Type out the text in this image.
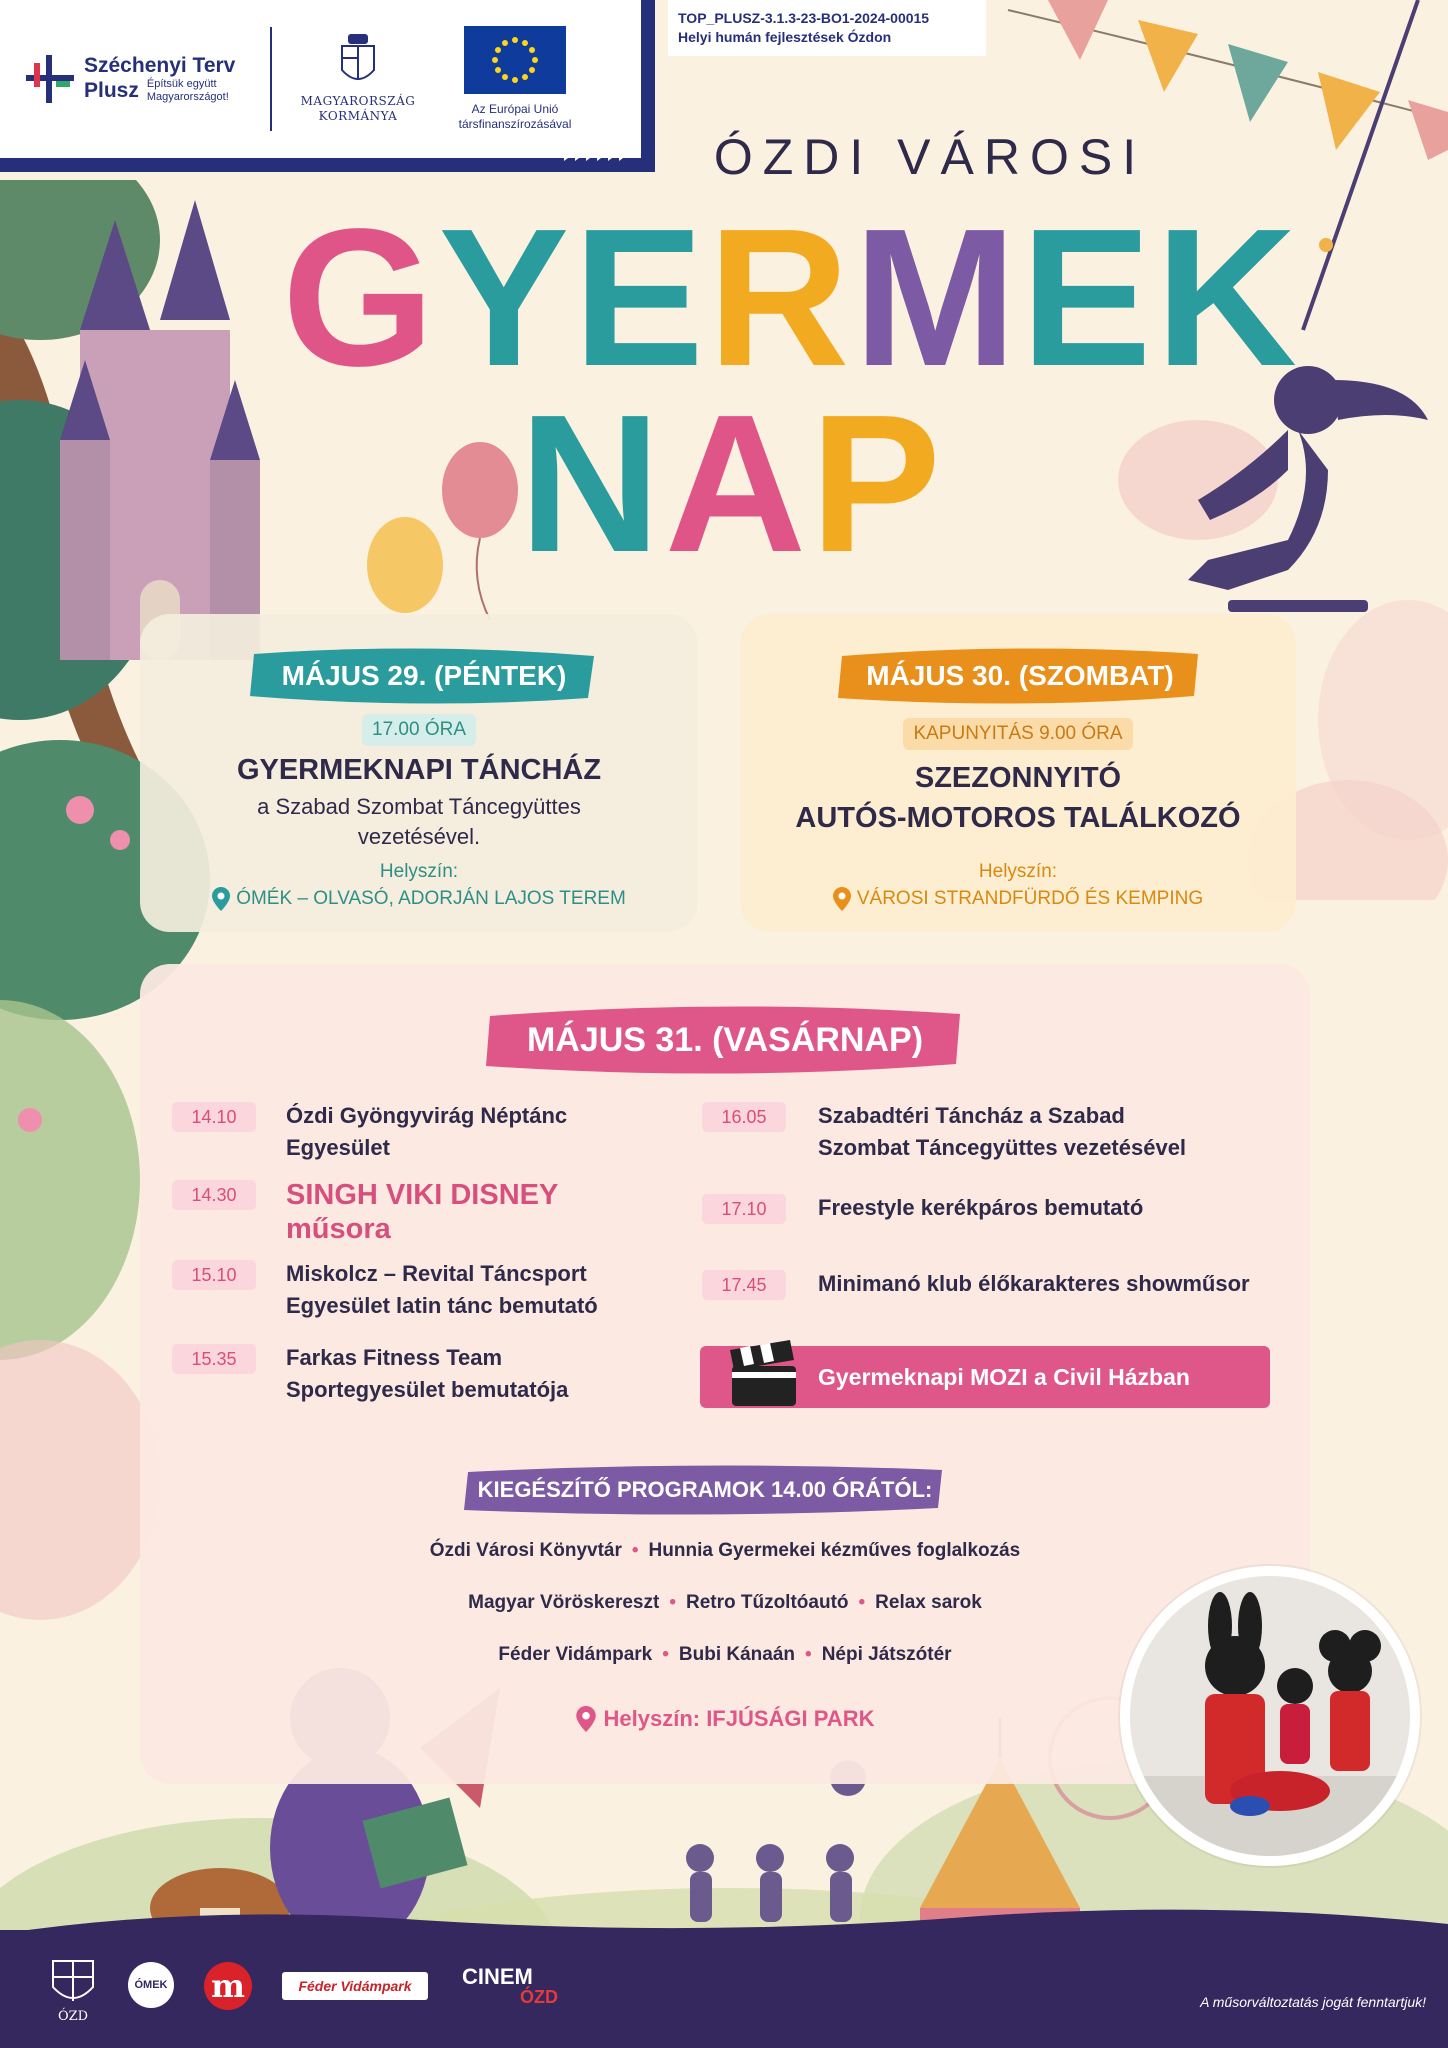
Széchenyi Terv
Plusz Építsük együtt Magyarországot!	MAGYARORSZÁG
KORMÁNYA	Az Európai Unió
társfinanszírozásával
TOP_PLUSZ-3.1.3-23-BO1-2024-00015
Helyi humán fejlesztések Ózdon
ÓZDI VÁROSI
GYERMEK
NAP
MÁJUS 29. (PÉNTEK)
17.00 ÓRA
GYERMEKNAPI TÁNCHÁZ
a Szabad Szombat Táncegyüttes
vezetésével.
Helyszín:
ÓMÉK – OLVASÓ, ADORJÁN LAJOS TEREM
MÁJUS 30. (SZOMBAT)
KAPUNYITÁS 9.00 ÓRA
SZEZONNYITÓ
AUTÓS-MOTOROS TALÁLKOZÓ
Helyszín:
VÁROSI STRANDFÜRDŐ ÉS KEMPING
MÁJUS 31. (VASÁRNAP)
14.10	Ózdi Gyöngyvirág Néptánc
Egyesület
14.30	SINGH VIKI DISNEY
műsora
15.10	Miskolcz – Revital Táncsport
Egyesület latin tánc bemutató
15.35	Farkas Fitness Team
Sportegyesület bemutatója
16.05	Szabadtéri Táncház a Szabad
Szombat Táncegyüttes vezetésével
17.10	Freestyle kerékpáros bemutató
17.45	Minimanó klub élőkarakteres showműsor
Gyermeknapi MOZI a Civil Házban
KIEGÉSZÍTŐ PROGRAMOK 14.00 ÓRÁTÓL:
Ózdi Városi Könyvtár • Hunnia Gyermekei kézműves foglalkozás
Magyar Vöröskereszt • Retro Tűzoltóautó • Relax sarok
Féder Vidámpark • Bubi Kánaán • Népi Játszótér
Helyszín: IFJÚSÁGI PARK
ÓZD
ÓMEK m	Féder Vidámpark CINEM
ÓZD	A műsorváltoztatás jogát fenntartjuk!
